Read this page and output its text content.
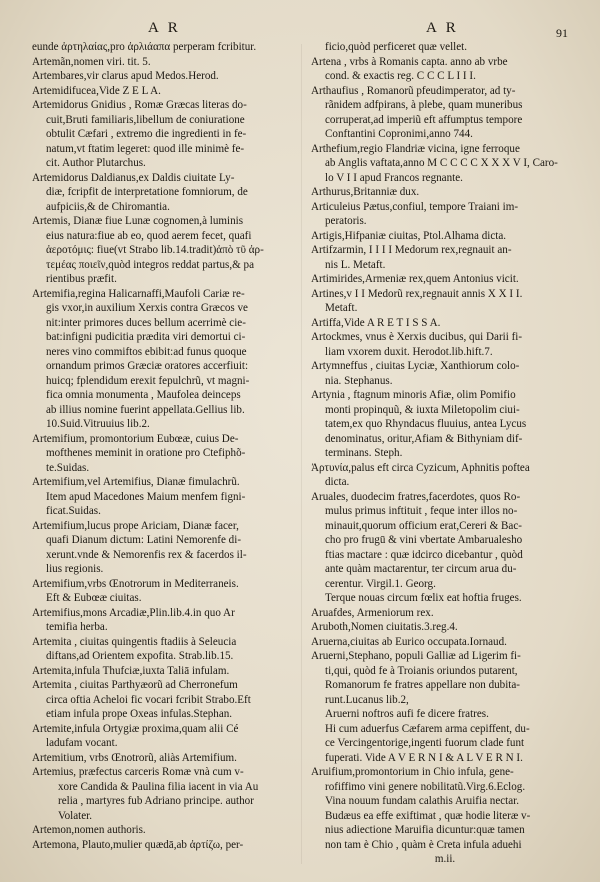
A R	A R	91
eunde ἀρτηλαίας,pro ἀρλιάαπα perperam fcribitur.
Artemãn,nomen viri. tit. 5.
Artembares,vir clarus apud Medos.Herod.
Artemidifucea,Vide Z E L A.
Artemidorus Gnidius , Romæ Græcas literas do-
cuit,Bruti familiaris,libellum de coniuratione
obtulit Cæfari , extremo die ingredienti in fe-
natum,vt ftatim legeret: quod ille minimè fe-
cit. Author Plutarchus.
Artemidorus Daldianus,ex Daldis ciuitate Ly-
diæ, fcripfit de interpretatione fomniorum, de
aufpiciis,& de Chiromantia.
Artemis, Dianæ fiue Lunæ cognomen,à luminis
eius natura:fiue ab eo, quod aerem fecet, quafi
ἀεροτόμις: fiue(vt Strabo lib.14.tradit)ἀπὸ τῦ ἀρ-
τεμέας ποιεῖν,quòd integros reddat partus,& pa
rientibus præfit.
Artemifia,regina Halicarnaffi,Maufoli Cariæ re-
gis vxor,in auxilium Xerxis contra Græcos ve
nit:inter primores duces bellum acerrimè cie-
bat:infigni pudicitia prædita viri demortui ci-
neres vino commiftos ebibit:ad funus quoque
ornandum primos Græciæ oratores accerfiuit:
huicq; fplendidum erexit fepulchrũ, vt magni-
fica omnia monumenta , Maufolea deinceps
ab illius nomine fuerint appellata.Gellius lib.
10.Suid.Vitruuius lib.2.
Artemifium, promontorium Eubœæ, cuius De-
mofthenes meminit in oratione pro Ctefiphõ-
te.Suidas.
Artemifium,vel Artemifius, Dianæ fimulachrũ.
Item apud Macedones Maium menfem figni-
ficat.Suidas.
Artemifium,lucus prope Ariciam, Dianæ facer,
quafi Dianum dictum: Latini Nemorenfe di-
xerunt.vnde & Nemorenfis rex & facerdos il-
lius regionis.
Artemifium,vrbs Œnotrorum in Mediterraneis.
Eft & Eubœæ ciuitas.
Artemifius,mons Arcadiæ,Plin.lib.4.in quo Ar
temifia herba.
Artemita , ciuitas quingentis ftadiis à Seleucia
diftans,ad Orientem expofita. Strab.lib.15.
Artemita,infula Thufciæ,iuxta Taliā infulam.
Artemita , ciuitas Parthyæorũ ad Cherronefum
circa oftia Acheloi fic vocari fcribit Strabo.Eft
etiam infula prope Oxeas infulas.Stephan.
Artemite,infula Ortygiæ proxima,quam alii Cé
ladufam vocant.
Artemitium, vrbs Œnotrorũ, aliàs Artemifium.
Artemius, præfectus carceris Romæ vnà cum v-
xore Candida & Paulina filia iacent in via Au
relia , martyres fub Adriano principe. author
Volater.
Artemon,nomen authoris.
Artemona, Plauto,mulier quædā,ab ἀρτίζω, per-
ficio,quòd perficeret quæ vellet.
Artena , vrbs à Romanis capta. anno ab vrbe
cond. & exactis reg. C C C L I I I.
Arthaufius , Romanorũ pfeudimperator, ad ty-
rãnidem adfpirans, à plebe, quam muneribus
corruperat,ad imperiũ eft affumptus tempore
Conftantini Copronimi,anno 744.
Arthefium,regio Flandriæ vicina, igne ferroque
ab Anglis vaftata,anno M C C C C X X X V I, Caro-
lo V I I apud Francos regnante.
Arthurus,Britanniæ dux.
Articuleius Pætus,confiul, tempore Traiani im-
peratoris.
Artigis,Hifpaniæ ciuitas, Ptol.Alhama dicta.
Artifzarmin, I I I I Medorum rex,regnauit an-
nis L. Metaft.
Artimirides,Armeniæ rex,quem Antonius vicit.
Artines,v I I Medorũ rex,regnauit annis X X I I.
Metaft.
Artiffa,Vide A R E T I S S A.
Artockmes, vnus è Xerxis ducibus, qui Darii fi-
liam vxorem duxit. Herodot.lib.hift.7.
Artymneffus , ciuitas Lyciæ, Xanthiorum colo-
nia. Stephanus.
Artynia , ftagnum minoris Afiæ, olim Pomifio
monti propinquũ, & iuxta Miletopolim ciui-
tatem,ex quo Rhyndacus fluuius, antea Lycus
denominatus, oritur,Afiam & Bithyniam dif-
terminans. Steph.
Ἀρτυνία,palus eft circa Cyzicum, Aphnitis poftea
dicta.
Aruales, duodecim fratres,facerdotes, quos Ro-
mulus primus inftituit , feque inter illos no-
minauit,quorum officium erat,Cereri & Bac-
cho pro frugū & vini vbertate Ambarualesho
ftias mactare : quæ idcirco dicebantur , quòd
ante quàm mactarentur, ter circum arua du-
cerentur. Virgil.1. Georg.
Terque nouas circum fœlix eat hoftia fruges.
Aruafdes, Armeniorum rex.
Aruboth,Nomen ciuitatis.3.reg.4.
Aruerna,ciuitas ab Eurico occupata.Iornaud.
Aruerni,Stephano, populi Galliæ ad Ligerim fi-
ti,qui, quòd fe à Troianis oriundos putarent,
Romanorum fe fratres appellare non dubita-
runt.Lucanus lib.2,
Aruerni noftros aufi fe dicere fratres.
Hi cum aduerfus Cæfarem arma cepiffent, du-
ce Vercingentorige,ingenti fuorum clade funt
fuperati. Vide A V E R N I & A L V E R N I.
Aruifium,promontorium in Chio infula, gene-
rofiffimo vini genere nobilitatũ.Virg.6.Eclog.
Vina nouum fundam calathis Aruifia nectar.
Budæus ea effe exiftimat , quæ hodie literæ v-
nius adiectione Maruifia dicuntur:quæ tamen
non tam è Chio , quàm è Creta infula aduehi
m.ii.
